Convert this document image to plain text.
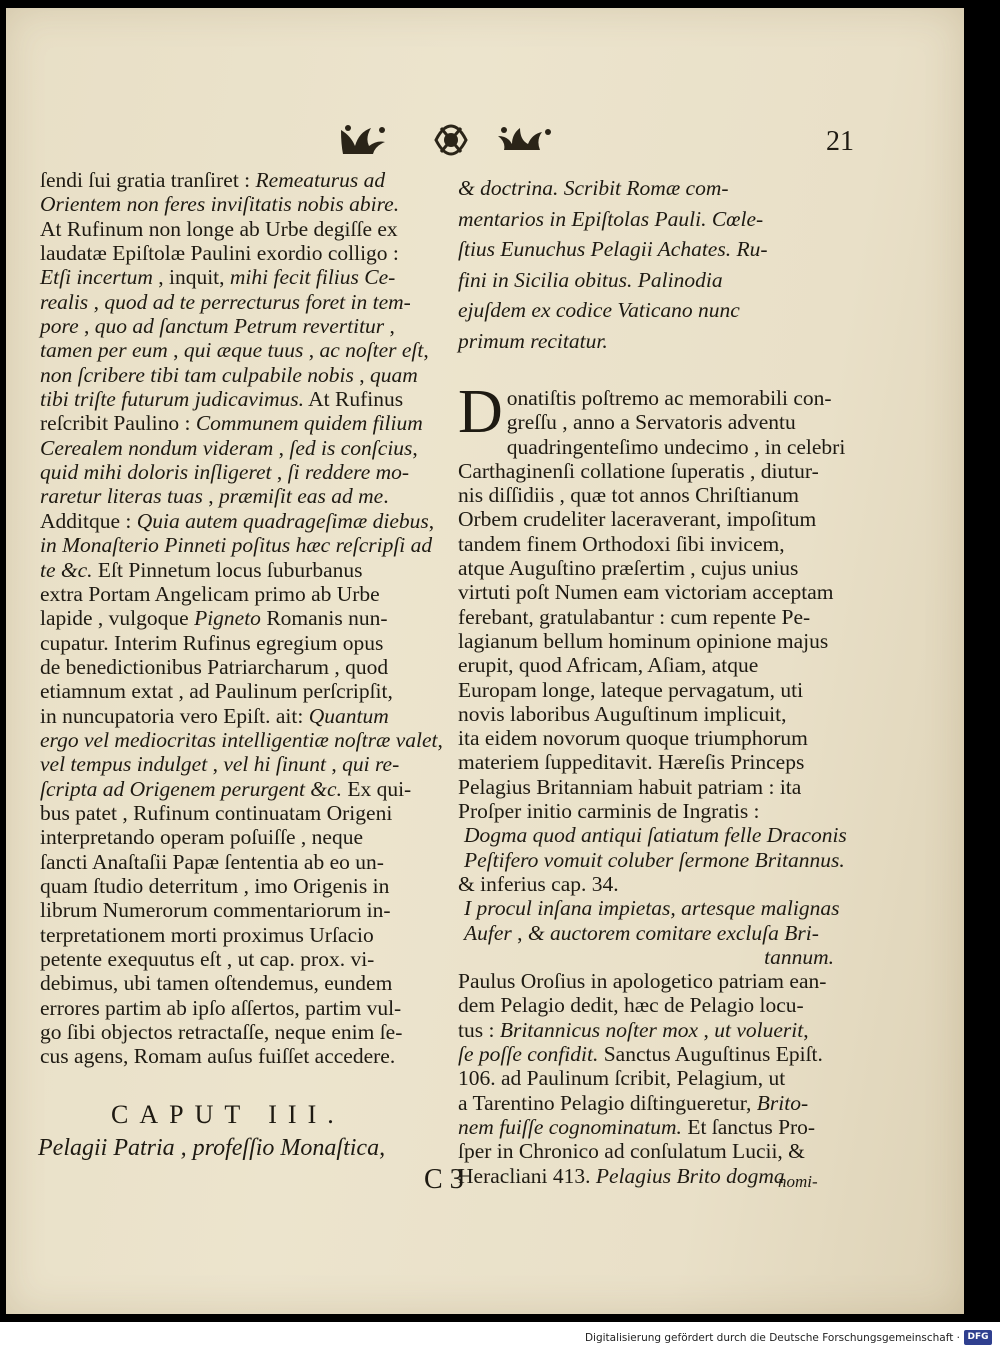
21
ſendi ſui gratia tranſiret : Remeaturus ad
Orientem non feres inviſitatis nobis abire.
At Rufinum non longe ab Urbe degiſſe ex
laudatæ Epiſtolæ Paulini exordio colligo :
Etſi incertum , inquit, mihi fecit filius Ce-
realis , quod ad te perrecturus foret in tem-
pore , quo ad ſanctum Petrum revertitur ,
tamen per eum , qui æque tuus , ac noſter eſt,
non ſcribere tibi tam culpabile nobis , quam
tibi triſte futurum judicavimus. At Rufinus
reſcribit Paulino : Communem quidem filium
Cerealem nondum videram , ſed is conſcius,
quid mihi doloris inſligeret , ſi reddere mo-
raretur literas tuas , præmiſit eas ad me.
Additque : Quia autem quadrageſimæ diebus,
in Monaſterio Pinneti poſitus hæc reſcripſi ad
te &c. Eſt Pinnetum locus ſuburbanus
extra Portam Angelicam primo ab Urbe
lapide , vulgoque Pigneto Romanis nun-
cupatur. Interim Rufinus egregium opus
de benedictionibus Patriarcharum , quod
etiamnum extat , ad Paulinum perſcripſit,
in nuncupatoria vero Epiſt. ait: Quantum
ergo vel mediocritas intelligentiæ noſtræ valet,
vel tempus indulget , vel hi ſinunt , qui re-
ſcripta ad Origenem perurgent &c. Ex qui-
bus patet , Rufinum continuatam Origeni
interpretando operam poſuiſſe , neque
ſancti Anaſtaſii Papæ ſententia ab eo un-
quam ſtudio deterritum , imo Origenis in
librum Numerorum commentariorum in-
terpretationem morti proximus Urſacio
petente exequutus eſt , ut cap. prox. vi-
debimus, ubi tamen oſtendemus, eundem
errores partim ab ipſo aſſertos, partim vul-
go ſibi objectos retractaſſe, neque enim ſe-
cus agens, Romam auſus fuiſſet accedere.
& doctrina. Scribit Romæ com-
mentarios in Epiſtolas Pauli. Cœle-
ſtius Eunuchus Pelagii Achates. Ru-
fini in Sicilia obitus. Palinodia
ejuſdem ex codice Vaticano nunc
primum recitatur.
D onatiſtis poſtremo ac memorabili con-
greſſu , anno a Servatoris adventu
quadringenteſimo undecimo , in celebri
Carthaginenſi collatione ſuperatis , diutur-
nis diſſidiis , quæ tot annos Chriſtianum
Orbem crudeliter laceraverant, impoſitum
tandem finem Orthodoxi ſibi invicem,
atque Auguſtino præſertim , cujus unius
virtuti poſt Numen eam victoriam acceptam
ferebant, gratulabantur : cum repente Pe-
lagianum bellum hominum opinione majus
erupit, quod Africam, Aſiam, atque
Europam longe, lateque pervagatum, uti
novis laboribus Auguſtinum implicuit,
ita eidem novorum quoque triumphorum
materiem ſuppeditavit. Hæreſis Princeps
Pelagius Britanniam habuit patriam : ita
Proſper initio carminis de Ingratis :
Dogma quod antiqui ſatiatum felle Draconis
Peſtifero vomuit coluber ſermone Britannus.
& inferius cap. 34.
I procul inſana impietas, artesque malignas
Aufer , & auctorem comitare excluſa Bri-
tannum.
Paulus Oroſius in apologetico patriam ean-
dem Pelagio dedit, hæc de Pelagio locu-
tus : Britannicus noſter mox , ut voluerit,
ſe poſſe confidit. Sanctus Auguſtinus Epiſt.
106. ad Paulinum ſcribit, Pelagium, ut
a Tarentino Pelagio diſtingueretur, Brito-
nem fuiſſe cognominatum. Et ſanctus Pro-
ſper in Chronico ad conſulatum Lucii, &
Heracliani 413. Pelagius Brito dogma
CAPUT III.
Pelagii Patria , profeſſio Monaſtica,
C 3	nomi-
Digitalisierung gefördert durch die Deutsche Forschungsgemeinschaft · DFG
